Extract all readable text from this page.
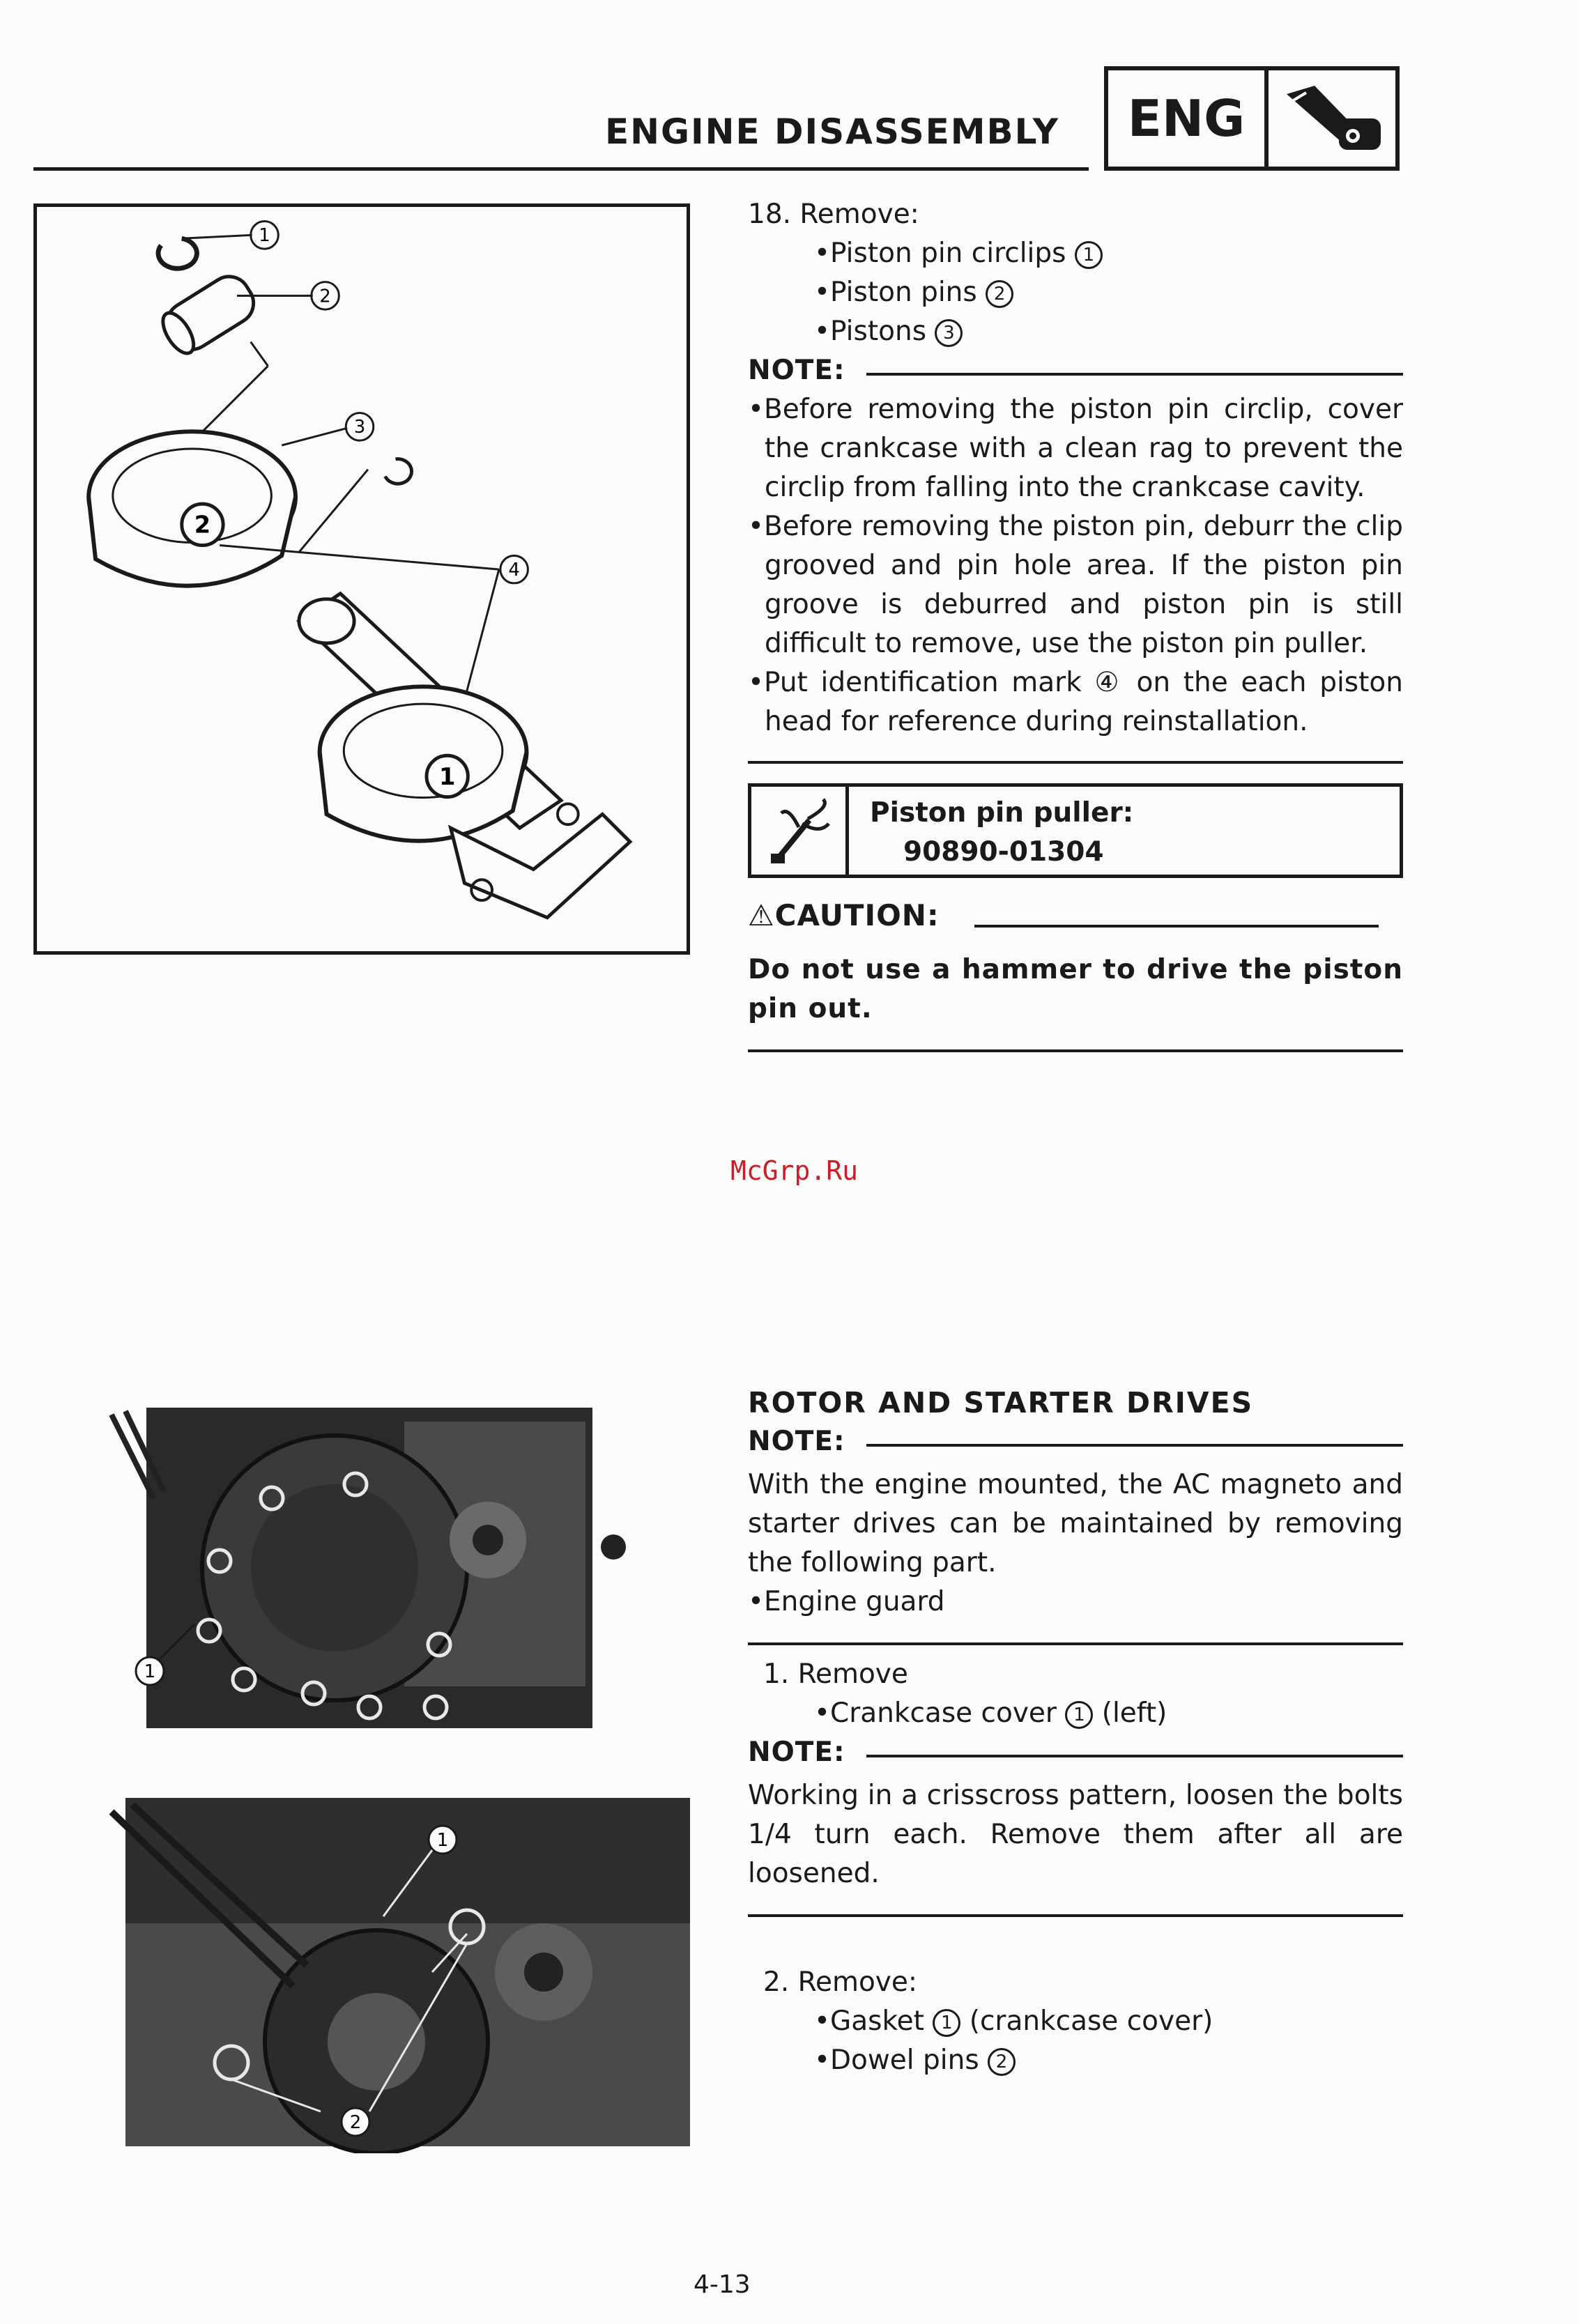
ENGINE DISASSEMBLY	ENG
1
2
2
3
4
1
18. Remove:
•Piston pin circlips 1
•Piston pins 2
•Pistons 3
NOTE:
•Before removing the piston pin circlip, cover the crankcase with a clean rag to prevent the circlip from falling into the crankcase cavity.
•Before removing the piston pin, deburr the clip grooved and pin hole area. If the piston pin groove is deburred and piston pin is still difficult to remove, use the piston pin puller.
•Put identification mark ④ on the each piston head for reference during reinstallation.
Piston pin puller:
90890-01304
⚠CAUTION:
Do not use a hammer to drive the piston pin out.
McGrp.Ru
1
1
2
ROTOR AND STARTER DRIVES
NOTE:
With the engine mounted, the AC magneto and starter drives can be maintained by removing the following part.
•Engine guard
1. Remove
•Crankcase cover 1 (left)
NOTE:
Working in a crisscross pattern, loosen the bolts 1/4 turn each. Remove them after all are loosened.
2. Remove:
•Gasket 1 (crankcase cover)
•Dowel pins 2
4-13
